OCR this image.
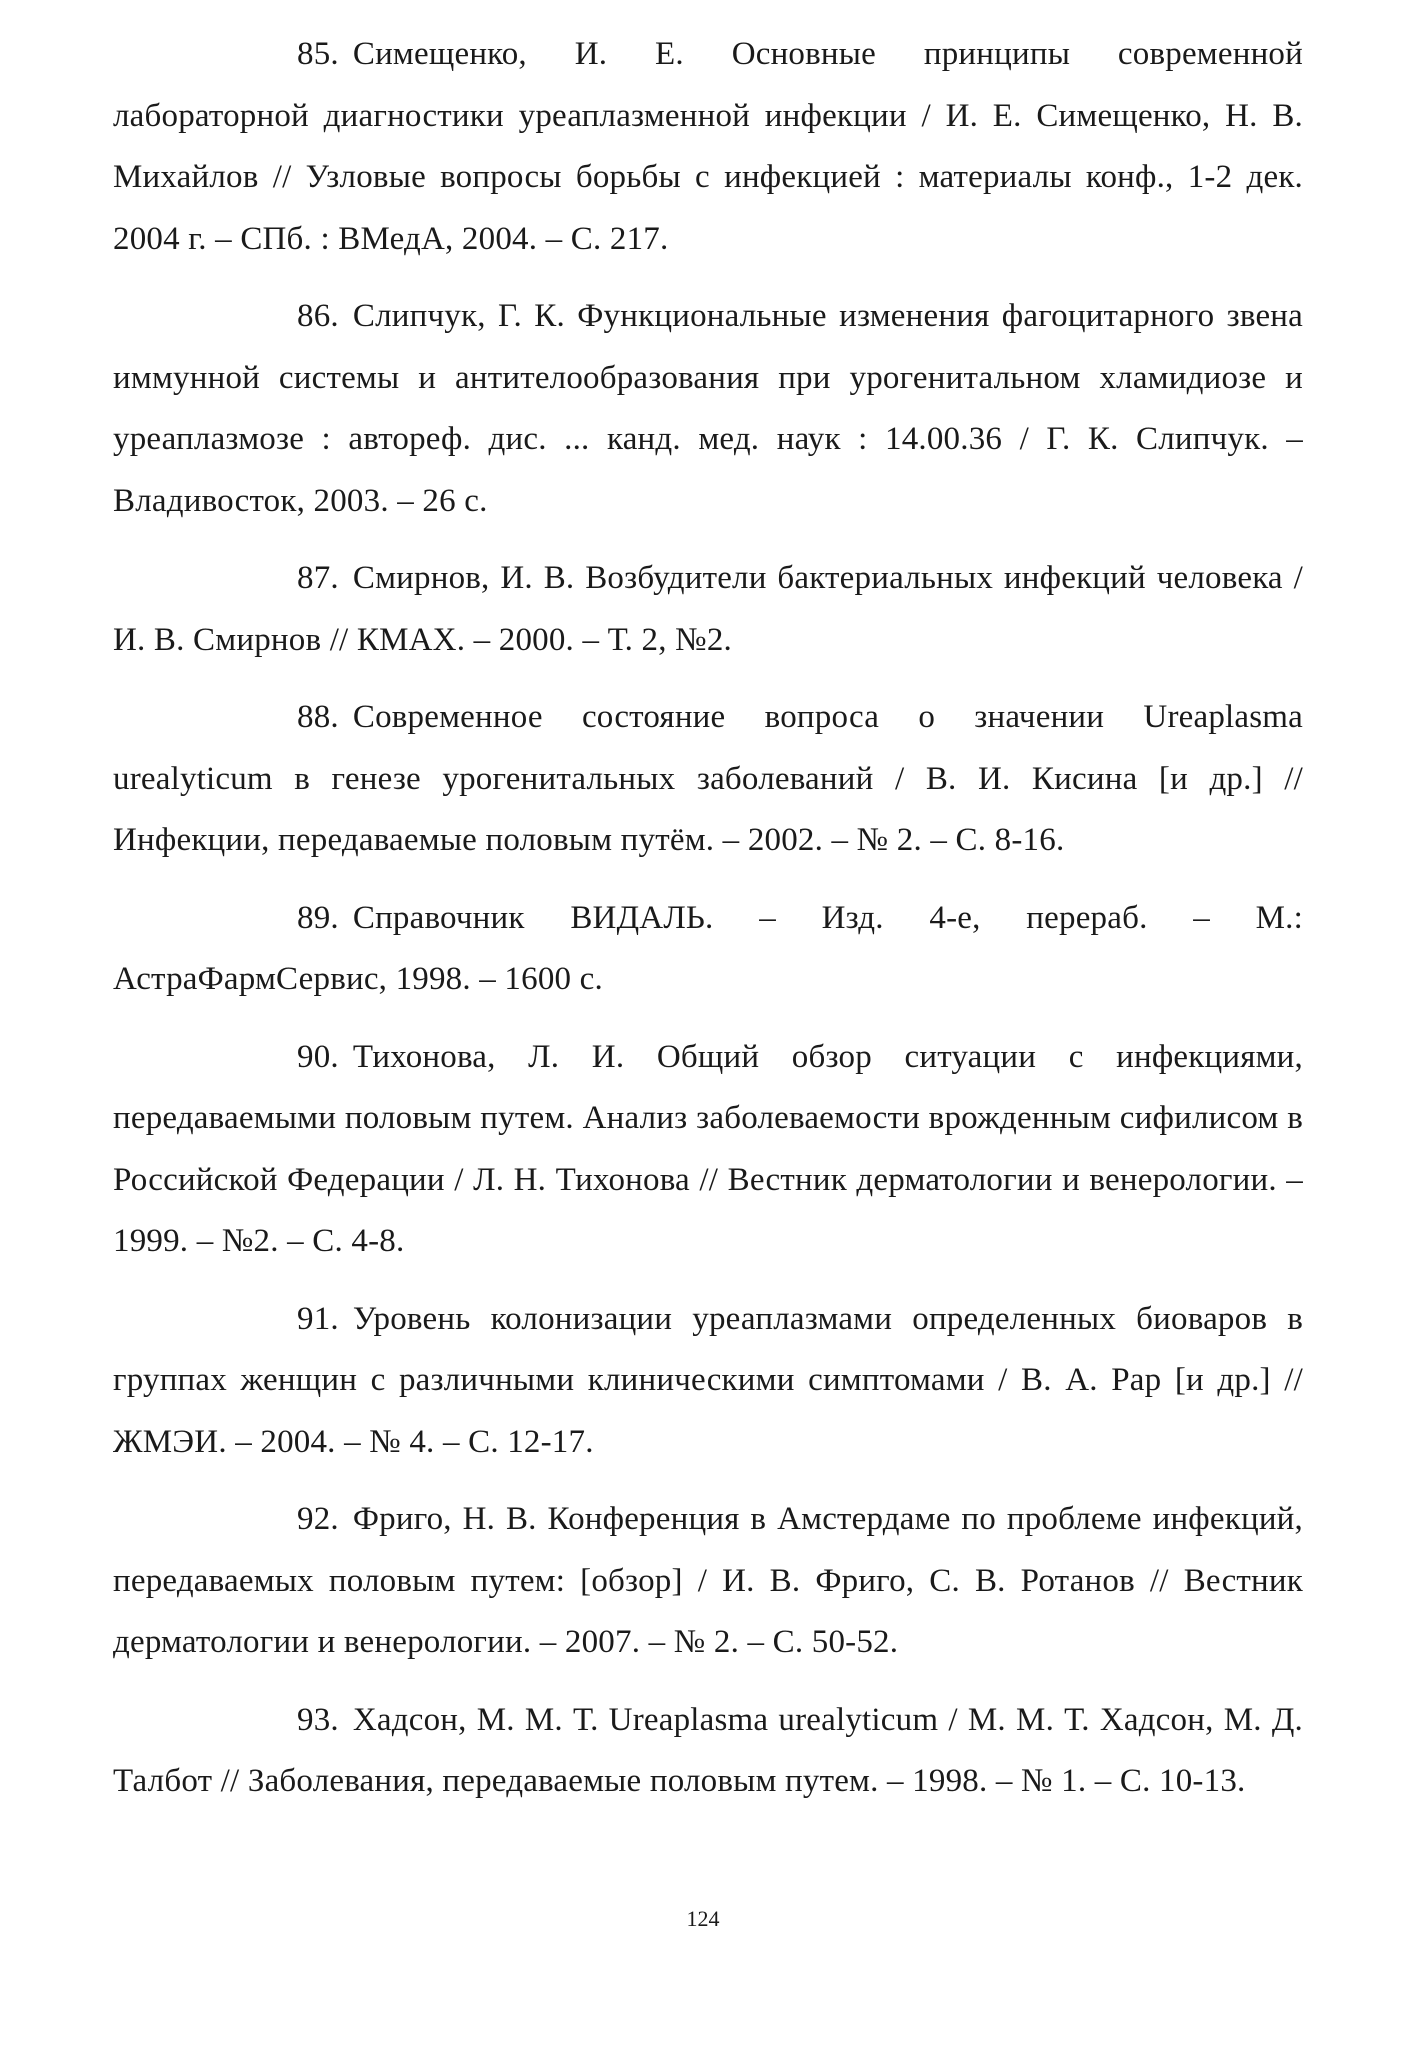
85. Симещенко, И. Е. Основные принципы современной лабораторной диагностики уреаплазменной инфекции / И. Е. Симещенко, Н. В. Михайлов // Узловые вопросы борьбы с инфекцией : материалы конф., 1-2 дек. 2004 г. – СПб. : ВМедА, 2004. – С. 217.

86. Слипчук, Г. К. Функциональные изменения фагоцитарного звена иммунной системы и антителообразования при урогенитальном хламидиозе и уреаплазмозе : автореф. дис. ... канд. мед. наук : 14.00.36 / Г. К. Слипчук. – Владивосток, 2003. – 26 с.

87. Смирнов, И. В. Возбудители бактериальных инфекций человека / И. В. Смирнов // КМАХ. – 2000. – Т. 2, №2.

88. Современное состояние вопроса о значении Ureaplasma urealyticum в генезе урогенитальных заболеваний / В. И. Кисина [и др.] // Инфекции, передаваемые половым путём. – 2002. – № 2. – С. 8-16.

89. Справочник ВИДАЛЬ. – Изд. 4-е, перераб. – М.: АстраФармСервис, 1998. – 1600 с.

90. Тихонова, Л. И. Общий обзор ситуации с инфекциями, передаваемыми половым путем. Анализ заболеваемости врожденным сифилисом в Российской Федерации / Л. Н. Тихонова // Вестник дерматологии и венерологии. – 1999. – №2. – С. 4-8.

91. Уровень колонизации уреаплазмами определенных биоваров в группах женщин с различными клиническими симптомами / В. А. Рар [и др.] // ЖМЭИ. – 2004. – № 4. – С. 12-17.

92. Фриго, Н. В. Конференция в Амстердаме по проблеме инфекций, передаваемых половым путем: [обзор] / И. В. Фриго, С. В. Ротанов // Вестник дерматологии и венерологии. – 2007. – № 2. – С. 50-52.

93. Хадсон, М. М. Т. Ureaplasma urealyticum / М. М. Т. Хадсон, М. Д. Талбот // Заболевания, передаваемые половым путем. – 1998. – № 1. – С. 10-13.

124
